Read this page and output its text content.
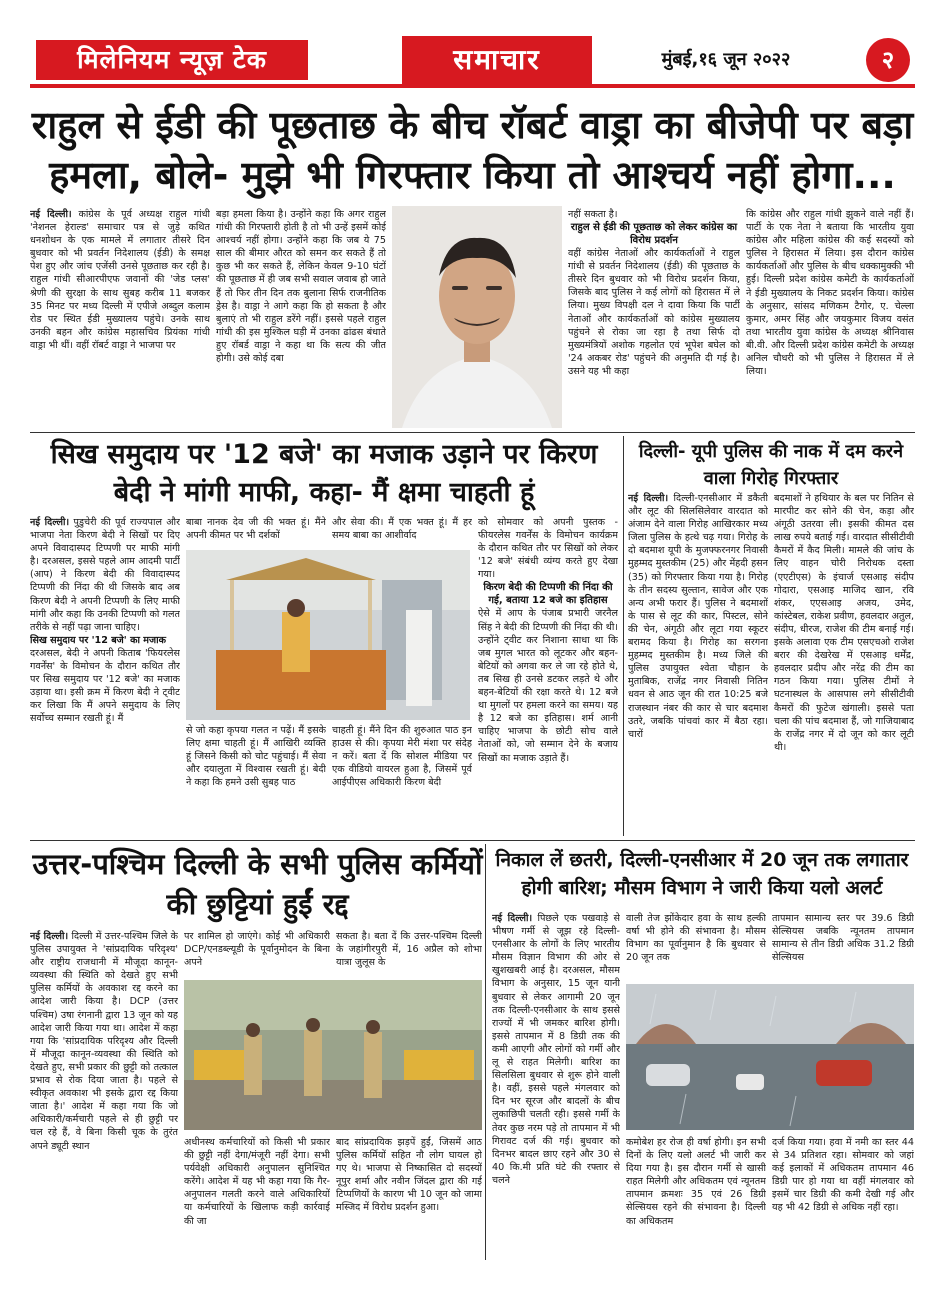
मिलेनियम न्यूज़ टेक	समाचार	मुंबई,१६ जून २०२२	२
राहुल से ईडी की पूछताछ के बीच रॉबर्ट वाड्रा का बीजेपी पर बड़ा हमला, बोले- मुझे भी गिरफ्तार किया तो आश्चर्य नहीं होगा...
नई दिल्ली। कांग्रेस के पूर्व अध्यक्ष राहुल गांधी 'नेशनल हेराल्ड' समाचार पत्र से जुड़े कथित धनशोधन के एक मामले में लगातार तीसरे दिन बुधवार को भी प्रवर्तन निदेशालय (ईडी) के समक्ष पेश हुए और जांच एजेंसी उनसे पूछताछ कर रही है। राहुल गांधी सीआरपीएफ जवानों की 'जेड प्लस' श्रेणी की सुरक्षा के साथ सुबह करीब 11 बजकर 35 मिनट पर मध्य दिल्ली में एपीजे अब्दुल कलाम रोड पर स्थित ईडी मुख्यालय पहुंचे। उनके साथ उनकी बहन और कांग्रेस महासचिव प्रियंका गांधी वाड्रा भी थीं। वहीं रॉबर्ट वाड्रा ने भाजपा पर
बड़ा हमला किया है। उन्होंने कहा कि अगर राहुल गांधी की गिरफ्तारी होती है तो भी उन्हें इसमें कोई आश्चर्य नहीं होगा। उन्होंने कहा कि जब ये 75 साल की बीमार औरत को समन कर सकते हैं तो कुछ भी कर सकते हैं, लेकिन केवल 9-10 घंटों की पूछताछ में ही जब सभी सवाल जवाब हो जाते हैं तो फिर तीन दिन तक बुलाना सिर्फ राजनीतिक ड्रेस है। वाड्रा ने आगे कहा कि हो सकता है और बुलाएं तो भी राहुल डरेंगे नहीं। इससे पहले राहुल गांधी की इस मुश्किल घड़ी में उनका ढांढस बंधाते हुए रॉबर्ड वाड्रा ने कहा था कि सत्य की जीत होगी। उसे कोई दबा
नहीं सकता है।
राहुल से ईडी की पूछताछ को लेकर कांग्रेस का विरोध प्रदर्शन
वहीं कांग्रेस नेताओं और कार्यकर्ताओं ने राहुल गांधी से प्रवर्तन निदेशालय (ईडी) की पूछताछ के तीसरे दिन बुधवार को भी विरोध प्रदर्शन किया, जिसके बाद पुलिस ने कई लोगों को हिरासत में ले लिया। मुख्य विपक्षी दल ने दावा किया कि पार्टी नेताओं और कार्यकर्ताओं को कांग्रेस मुख्यालय पहुंचने से रोका जा रहा है तथा सिर्फ दो मुख्यमंत्रियों अशोक गहलोत एवं भूपेश बघेल को '24 अकबर रोड' पहुंचने की अनुमति दी गई है। उसने यह भी कहा
कि कांग्रेस और राहुल गांधी झुकने वाले नहीं हैं। पार्टी के एक नेता ने बताया कि भारतीय युवा कांग्रेस और महिला कांग्रेस की कई सदस्यों को पुलिस ने हिरासत में लिया। इस दौरान कांग्रेस कार्यकर्ताओं और पुलिस के बीच धक्कामुक्की भी हुई। दिल्ली प्रदेश कांग्रेस कमेटी के कार्यकर्ताओं ने ईडी मुख्यालय के निकट प्रदर्शन किया। कांग्रेस के अनुसार, सांसद मणिकम टैगोर, ए. चेल्ला कुमार, अमर सिंह और जयकुमार विजय वसंत तथा भारतीय युवा कांग्रेस के अध्यक्ष श्रीनिवास बी.वी. और दिल्ली प्रदेश कांग्रेस कमेटी के अध्यक्ष अनिल चौधरी को भी पुलिस ने हिरासत में ले लिया।
सिख समुदाय पर '12 बजे' का मजाक उड़ाने पर किरण बेदी ने मांगी माफी, कहा- मैं क्षमा चाहती हूं
नई दिल्ली। पुडुचेरी की पूर्व राज्यपाल और भाजपा नेता किरण बेदी ने सिखों पर दिए अपने विवादास्पद टिप्पणी पर माफी मांगी है। दरअसल, इससे पहले आम आदमी पार्टी (आप) ने किरण बेदी की विवादास्पद टिप्पणी की निंदा की थी जिसके बाद अब किरण बेदी ने अपनी टिप्पणी के लिए माफी मांगी और कहा कि उनकी टिप्पणी को गलत तरीके से नहीं पढ़ा जाना चाहिए।
सिख समुदाय पर '12 बजे' का मजाक
दरअसल, बेदी ने अपनी किताब 'फियरलेस गवर्नेंस' के विमोचन के दौरान कथित तौर पर सिख समुदाय पर '12 बजे' का मजाक उड़ाया था। इसी क्रम में किरण बेदी ने ट्वीट कर लिखा कि मैं अपने समुदाय के लिए सर्वोच्च सम्मान रखती हूं। मैं
बाबा नानक देव जी की भक्त हूं। मैंने अपनी कीमत पर भी दर्शकों
और सेवा की। मैं एक भक्त हूं। मैं हर समय बाबा का आशीर्वाद
से जो कहा कृपया गलत न पढ़ें। मैं इसके लिए क्षमा चाहती हूं। मैं आखिरी व्यक्ति हूं जिसने किसी को चोट पहुंचाई। मैं सेवा और दयालुता में विश्वास रखती हूं। बेदी ने कहा कि हमने उसी सुबह पाठ
चाहती हूं। मैंने दिन की शुरुआत पाठ इन हाउस से की। कृपया मेरी मंशा पर संदेह न करें। बता दें कि सोशल मीडिया पर एक वीडियो वायरल हुआ है, जिसमें पूर्व आईपीएस अधिकारी किरण बेदी
को सोमवार को अपनी पुस्तक - फीयरलेस गवर्नेंस के विमोचन कार्यक्रम के दौरान कथित तौर पर सिखों को लेकर '12 बजे' संबंधी व्यंग्य करते हुए देखा गया।
किरण बेदी की टिप्पणी की निंदा की गई, बताया 12 बजे का इतिहास
ऐसे में आप के पंजाब प्रभारी जरनैल सिंह ने बेदी की टिप्पणी की निंदा की थी। उन्होंने ट्वीट कर निशाना साधा था कि जब मुगल भारत को लूटकर और बहन-बेटियों को अगवा कर ले जा रहे होते थे, तब सिख ही उनसे डटकर लड़ते थे और बहन-बेटियों की रक्षा करते थे। 12 बजे था मुगलों पर हमला करने का समय। यह है 12 बजे का इतिहास। शर्म आनी चाहिए भाजपा के छोटी सोच वाले नेताओं को, जो सम्मान देने के बजाय सिखों का मजाक उड़ाते हैं।
दिल्ली- यूपी पुलिस की नाक में दम करने वाला गिरोह गिरफ्तार
नई दिल्ली। दिल्ली-एनसीआर में डकैती और लूट की सिलसिलेवार वारदात को अंजाम देने वाला गिरोह आखिरकार मध्य जिला पुलिस के हत्थे चढ़ गया। गिरोह के दो बदमाश यूपी के मुजफ्फरनगर निवासी मुहम्मद मुस्तकीम (25) और मेंहदी हसन (35) को गिरफ्तार किया गया है। गिरोह के तीन सदस्य सुल्तान, सावेज और एक अन्य अभी फरार हैं। पुलिस ने बदमाशों के पास से लूट की कार, पिस्टल, सोने की चेन, अंगूठी और लूटा गया स्कूटर बरामद किया है। गिरोह का सरगना मुहम्मद मुस्तकीम है। मध्य जिले की पुलिस उपायुक्त श्वेता चौहान के मुताबिक, राजेंद्र नगर निवासी नितिन धवन से आठ जून की रात 10:25 बजे राजस्थान नंबर की कार से चार बदमाश उतरे, जबकि पांचवां कार में बैठा रहा। चारों
बदमाशों ने हथियार के बल पर नितिन से मारपीट कर सोने की चेन, कड़ा और अंगूठी उतरवा ली। इसकी कीमत दस लाख रुपये बताई गई। वारदात सीसीटीवी कैमरों में कैद मिली। मामले की जांच के लिए वाहन चोरी निरोधक दस्ता (एएटीएस) के इंचार्ज एसआइ संदीप गोदारा, एसआइ माजिद खान, रवि शंकर, एएसआइ अजय, उमेद, कांस्टेबल, राकेश प्रवीण, हवलदार अतुल, संदीप, धीरज, राजेश की टीम बनाई गई। इसके अलावा एक टीम एसएचओ राजेश बरार की देखरेख में एसआइ धर्मेंद्र, हवलदार प्रदीप और नरेंद्र की टीम का गठन किया गया। पुलिस टीमों ने घटनास्थल के आसपास लगे सीसीटीवी कैमरों की फुटेज खंगाली। इससे पता चला की पांच बदमाश हैं, जो गाजियाबाद के राजेंद्र नगर में दो जून को कार लूटी थी।
उत्तर-पश्चिम दिल्ली के सभी पुलिस कर्मियों की छुट्टियां हुईं रद्द
नई दिल्ली। दिल्ली में उत्तर-पश्चिम जिले के पुलिस उपायुक्त ने 'सांप्रदायिक परिदृश्य' और राष्ट्रीय राजधानी में मौजूदा कानून-व्यवस्था की स्थिति को देखते हुए सभी पुलिस कर्मियों के अवकाश रद्द करने का आदेश जारी किया है। DCP (उत्तर पश्चिम) उषा रंगनानी द्वारा 13 जून को यह आदेश जारी किया गया था। आदेश में कहा गया कि 'सांप्रदायिक परिदृश्य और दिल्ली में मौजूदा कानून-व्यवस्था की स्थिति को देखते हुए, सभी प्रकार की छुट्टी को तत्काल प्रभाव से रोक दिया जाता है। पहले से स्वीकृत अवकाश भी इसके द्वारा रद्द किया जाता है।' आदेश में कहा गया कि जो अधिकारी/कर्मचारी पहले से ही छुट्टी पर चल रहे हैं, वे बिना किसी चूक के तुरंत अपने ड्यूटी स्थान
पर शामिल हो जाएंगे। कोई भी अधिकारी DCP/एनडब्ल्यूडी के पूर्वानुमोदन के बिना अपने
सकता है। बता दें कि उत्तर-पश्चिम दिल्ली के जहांगीरपुरी में, 16 अप्रैल को शोभा यात्रा जुलूस के
अधीनस्थ कर्मचारियों को किसी भी प्रकार की छुट्टी नहीं देगा/मंजूरी नहीं देगा। सभी पर्यवेक्षी अधिकारी अनुपालन सुनिश्चित करेंगे। आदेश में यह भी कहा गया कि गैर-अनुपालन गलती करने वाले अधिकारियों या कर्मचारियों के खिलाफ कड़ी कार्रवाई की जा
बाद सांप्रदायिक झड़पें हुईं, जिसमें आठ पुलिस कर्मियों सहित नौ लोग घायल हो गए थे। भाजपा से निष्कासित दो सदस्यों नूपुर शर्मा और नवीन जिंदल द्वारा की गई टिप्पणियों के कारण भी 10 जून को जामा मस्जिद में विरोध प्रदर्शन हुआ।
निकाल लें छतरी, दिल्ली-एनसीआर में 20 जून तक लगातार होगी बारिश; मौसम विभाग ने जारी किया यलो अलर्ट
नई दिल्ली। पिछले एक पखवाड़े से भीषण गर्मी से जूझ रहे दिल्ली-एनसीआर के लोगों के लिए भारतीय मौसम विज्ञान विभाग की ओर से खुशखबरी आई है। दरअसल, मौसम विभाग के अनुसार, 15 जून यानी बुधवार से लेकर आगामी 20 जून तक दिल्ली-एनसीआर के साथ इससे राज्यों में भी जमकर बारिश होगी। इससे तापमान में 8 डिग्री तक की कमी आएगी और लोगों को गर्मी और लू से राहत मिलेगी। बारिश का सिलसिला बुधवार से शुरू होने वाली है। वहीं, इससे पहले मंगलवार को दिन भर सूरज और बादलों के बीच लुकाछिपी चलती रही। इससे गर्मी के तेवर कुछ नरम पड़े तो तापमान में भी गिरावट दर्ज की गई। बुधवार को दिनभर बादल छाए रहने और 30 से 40 कि.मी प्रति घंटे की रफ्तार से चलने
वाली तेज झोंकेदार हवा के साथ हल्की वर्षा भी होने की संभावना है। मौसम विभाग का पूर्वानुमान है कि बुधवार से 20 जून तक
तापमान सामान्य स्तर पर 39.6 डिग्री सेल्सियस जबकि न्यूनतम तापमान सामान्य से तीन डिग्री अधिक 31.2 डिग्री सेल्सियस
कमोबेश हर रोज ही वर्षा होगी। इन सभी दिनों के लिए यलो अलर्ट भी जारी कर दिया गया है। इस दौरान गर्मी से खासी राहत मिलेगी और अधिकतम एवं न्यूनतम तापमान क्रमशः 35 एवं 26 डिग्री सेल्सियस रहने की संभावना है। दिल्ली का अधिकतम
दर्ज किया गया। हवा में नमी का स्तर 44 से 34 प्रतिशत रहा। सोमवार को जहां कई इलाकों में अधिकतम तापमान 46 डिग्री पार हो गया था वहीं मंगलवार को इसमें चार डिग्री की कमी देखी गई और यह भी 42 डिग्री से अधिक नहीं रहा।
